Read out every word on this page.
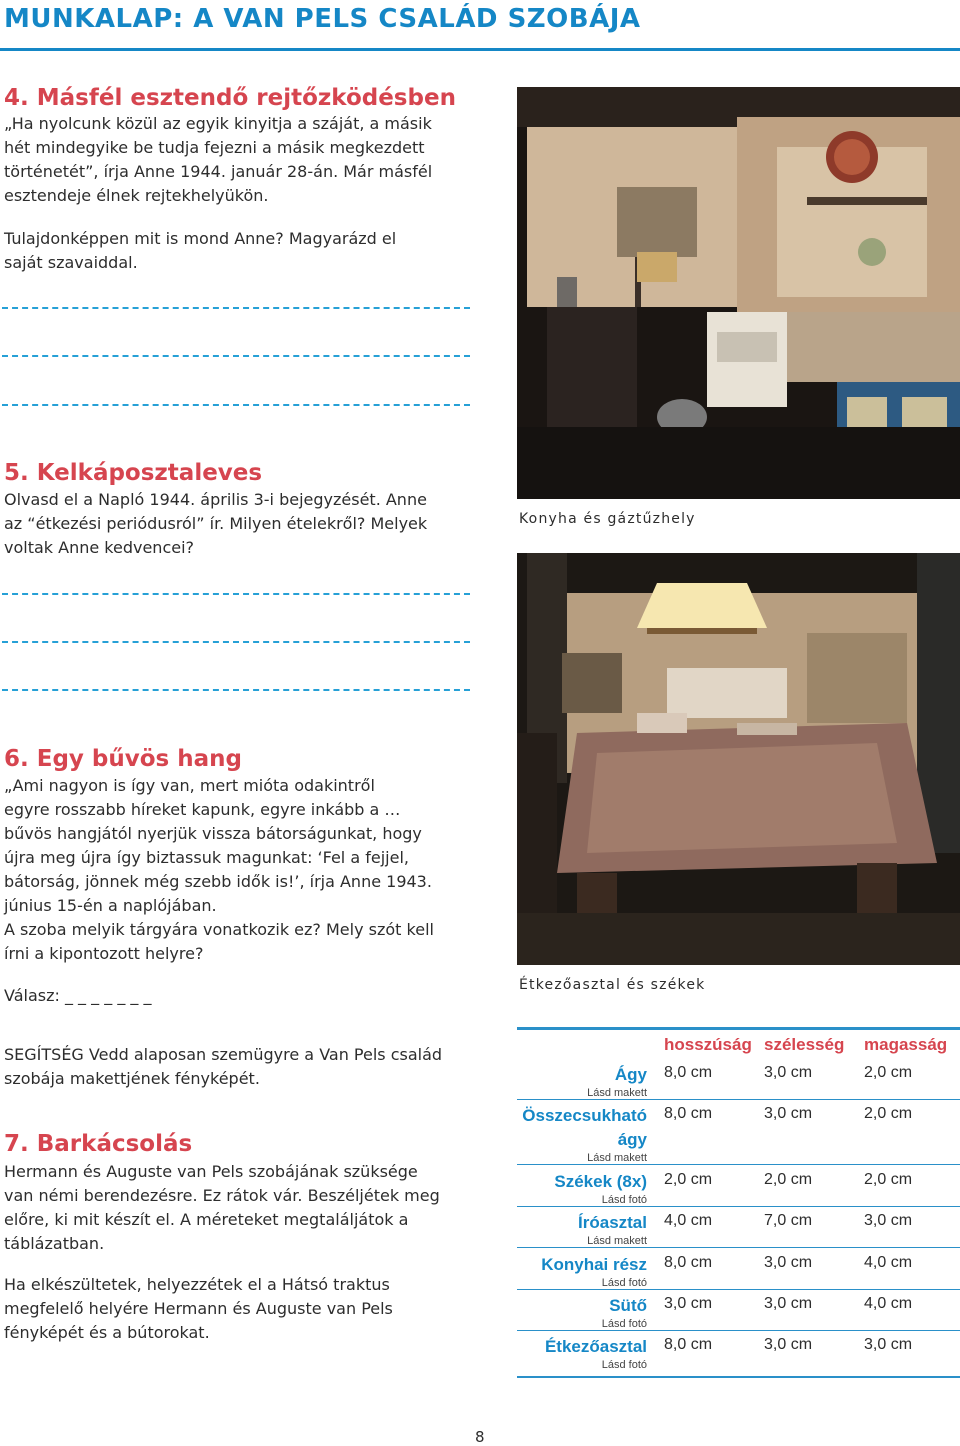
MUNKALAP: A VAN PELS CSALÁD SZOBÁJA
4. Másfél esztendő rejtőzködésben
„Ha nyolcunk közül az egyik kinyitja a száját, a másik
hét mindegyike be tudja fejezni a másik megkezdett
történetét”, írja Anne 1944. január 28-án. Már másfél
esztendeje élnek rejtekhelyükön.
Tulajdonképpen mit is mond Anne? Magyarázd el
saját szavaiddal.
5. Kelkáposztaleves
Olvasd el a Napló 1944. április 3-i bejegyzését. Anne
az “étkezési periódusról” ír. Milyen ételekről? Melyek
voltak Anne kedvencei?
6. Egy bűvös hang
„Ami nagyon is így van, mert mióta odakintről
egyre rosszabb híreket kapunk, egyre inkább a …
bűvös hangjától nyerjük vissza bátorságunkat, hogy
újra meg újra így biztassuk magunkat: ‘Fel a fejjel,
bátorság, jönnek még szebb idők is!’, írja Anne 1943.
június 15-én a naplójában.
A szoba melyik tárgyára vonatkozik ez? Mely szót kell
írni a kipontozott helyre?
Válasz: _ _ _ _ _ _ _
SEGÍTSÉG Vedd alaposan szemügyre a Van Pels család
szobája makettjének fényképét.
7. Barkácsolás
Hermann és Auguste van Pels szobájának szüksége
van némi berendezésre. Ez rátok vár. Beszéljétek meg
előre, ki mit készít el. A méreteket megtaláljátok a
táblázatban.
Ha elkészültetek, helyezzétek el a Hátsó traktus
megfelelő helyére Hermann és Auguste van Pels
fényképét és a bútorokat.
Konyha és gáztűzhely
Étkezőasztal és székek
hosszúság szélesség magasság
Ágy
Lásd makett
8,0 cm	3,0 cm	2,0 cm
Összecsukható
ágy
Lásd makett
8,0 cm	3,0 cm	2,0 cm
Székek (8x)
Lásd fotó
2,0 cm	2,0 cm	2,0 cm
Íróasztal
Lásd makett
4,0 cm	7,0 cm	3,0 cm
Konyhai rész
Lásd fotó
8,0 cm	3,0 cm	4,0 cm
Sütő
Lásd fotó
3,0 cm	3,0 cm	4,0 cm
Étkezőasztal
Lásd fotó
8,0 cm	3,0 cm	3,0 cm
8
